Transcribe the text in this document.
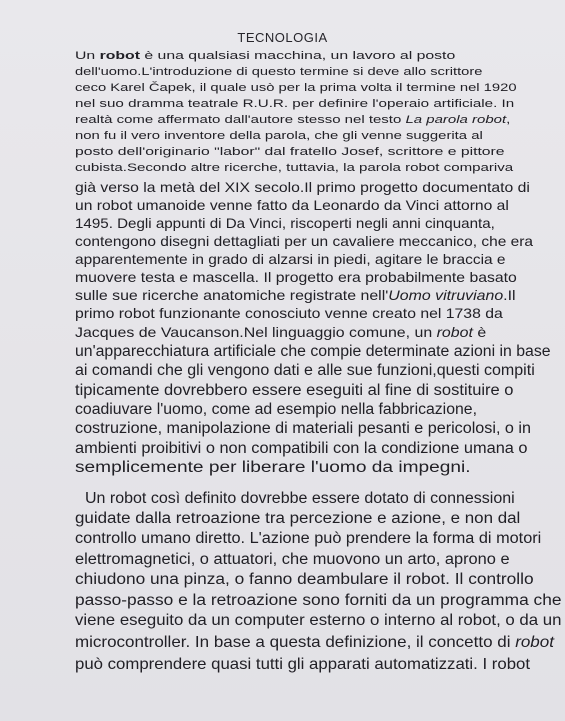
TECNOLOGIA
Un robot è una qualsiasi macchina, un lavoro al posto
dell'uomo.L'introduzione di questo termine si deve allo scrittore
ceco Karel Čapek, il quale usò per la prima volta il termine nel 1920
nel suo dramma teatrale R.U.R. per definire l'operaio artificiale. In
realtà come affermato dall'autore stesso nel testo La parola robot,
non fu il vero inventore della parola, che gli venne suggerita al
posto dell'originario "labor" dal fratello Josef, scrittore e pittore
cubista.Secondo altre ricerche, tuttavia, la parola robot compariva
già verso la metà del XIX secolo.Il primo progetto documentato di
un robot umanoide venne fatto da Leonardo da Vinci attorno al
1495. Degli appunti di Da Vinci, riscoperti negli anni cinquanta,
contengono disegni dettagliati per un cavaliere meccanico, che era
apparentemente in grado di alzarsi in piedi, agitare le braccia e
muovere testa e mascella. Il progetto era probabilmente basato
sulle sue ricerche anatomiche registrate nell'Uomo vitruviano.Il
primo robot funzionante conosciuto venne creato nel 1738 da
Jacques de Vaucanson.Nel linguaggio comune, un robot è
un'apparecchiatura artificiale che compie determinate azioni in base
ai comandi che gli vengono dati e alle sue funzioni,questi compiti
tipicamente dovrebbero essere eseguiti al fine di sostituire o
coadiuvare l'uomo, come ad esempio nella fabbricazione,
costruzione, manipolazione di materiali pesanti e pericolosi, o in
ambienti proibitivi o non compatibili con la condizione umana o
semplicemente per liberare l'uomo da impegni.
Un robot così definito dovrebbe essere dotato di connessioni
guidate dalla retroazione tra percezione e azione, e non dal
controllo umano diretto. L'azione può prendere la forma di motori
elettromagnetici, o attuatori, che muovono un arto, aprono e
chiudono una pinza, o fanno deambulare il robot. Il controllo
passo-passo e la retroazione sono forniti da un programma che
viene eseguito da un computer esterno o interno al robot, o da un
microcontroller. In base a questa definizione, il concetto di robot
può comprendere quasi tutti gli apparati automatizzati. I robot
